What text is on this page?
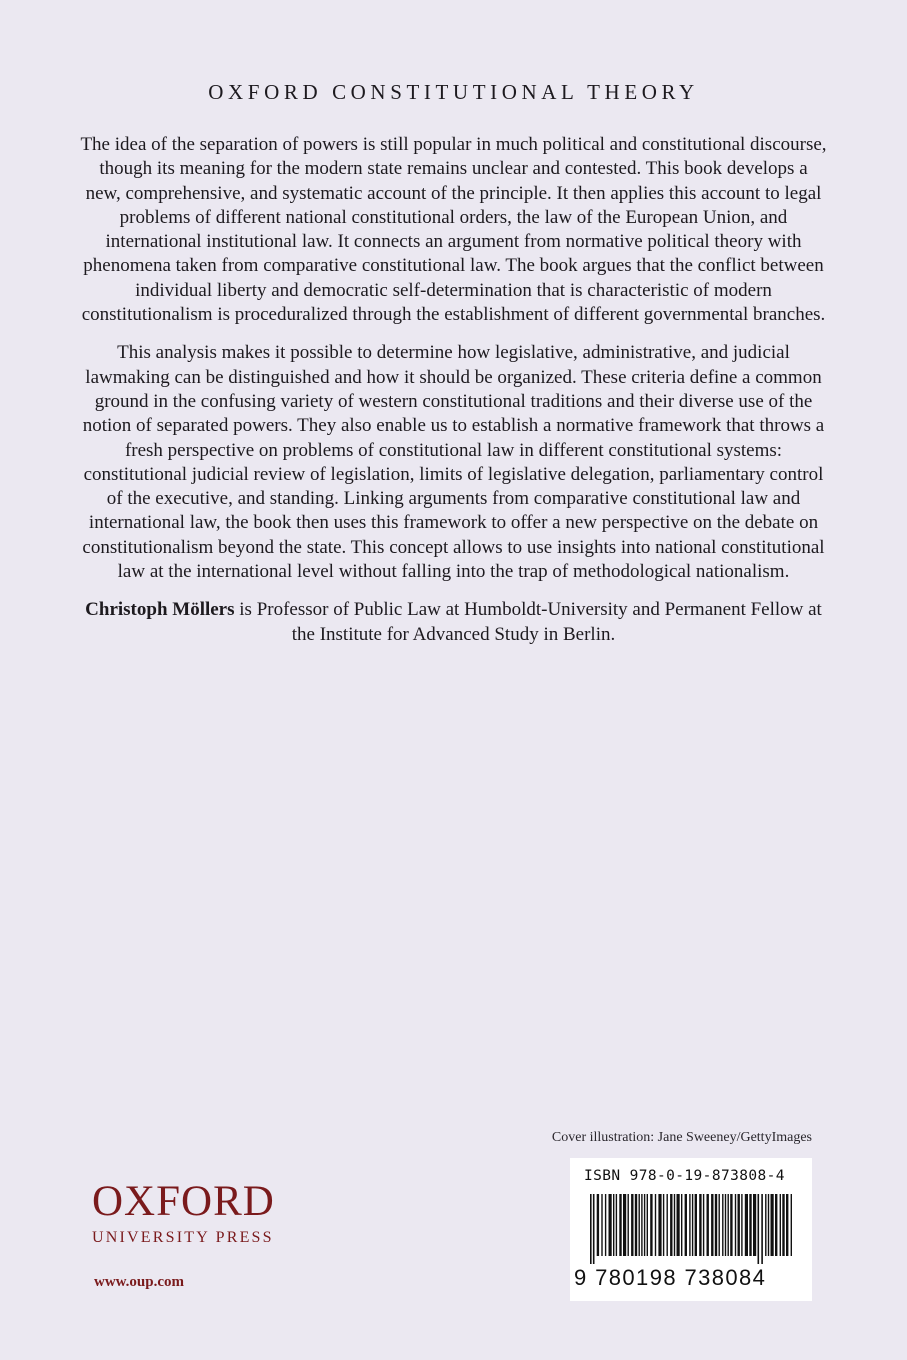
OXFORD CONSTITUTIONAL THEORY

The idea of the separation of powers is still popular in much political and constitutional discourse, though its meaning for the modern state remains unclear and contested. This book develops a new, comprehensive, and systematic account of the principle. It then applies this account to legal problems of different national constitutional orders, the law of the European Union, and international institutional law. It connects an argument from normative political theory with phenomena taken from comparative constitutional law. The book argues that the conflict between individual liberty and democratic self-determination that is characteristic of modern constitutionalism is proceduralized through the establishment of different governmental branches.

This analysis makes it possible to determine how legislative, administrative, and judicial lawmaking can be distinguished and how it should be organized. These criteria define a common ground in the confusing variety of western constitutional traditions and their diverse use of the notion of separated powers. They also enable us to establish a normative framework that throws a fresh perspective on problems of constitutional law in different constitutional systems: constitutional judicial review of legislation, limits of legislative delegation, parliamentary control of the executive, and standing. Linking arguments from comparative constitutional law and international law, the book then uses this framework to offer a new perspective on the debate on constitutionalism beyond the state. This concept allows to use insights into national constitutional law at the international level without falling into the trap of methodological nationalism.

Christoph Möllers is Professor of Public Law at Humboldt-University and Permanent Fellow at the Institute for Advanced Study in Berlin.

Cover illustration: Jane Sweeney/GettyImages
ISBN 978-0-19-873808-4
9 780198 738084
OXFORD
UNIVERSITY PRESS
www.oup.com
